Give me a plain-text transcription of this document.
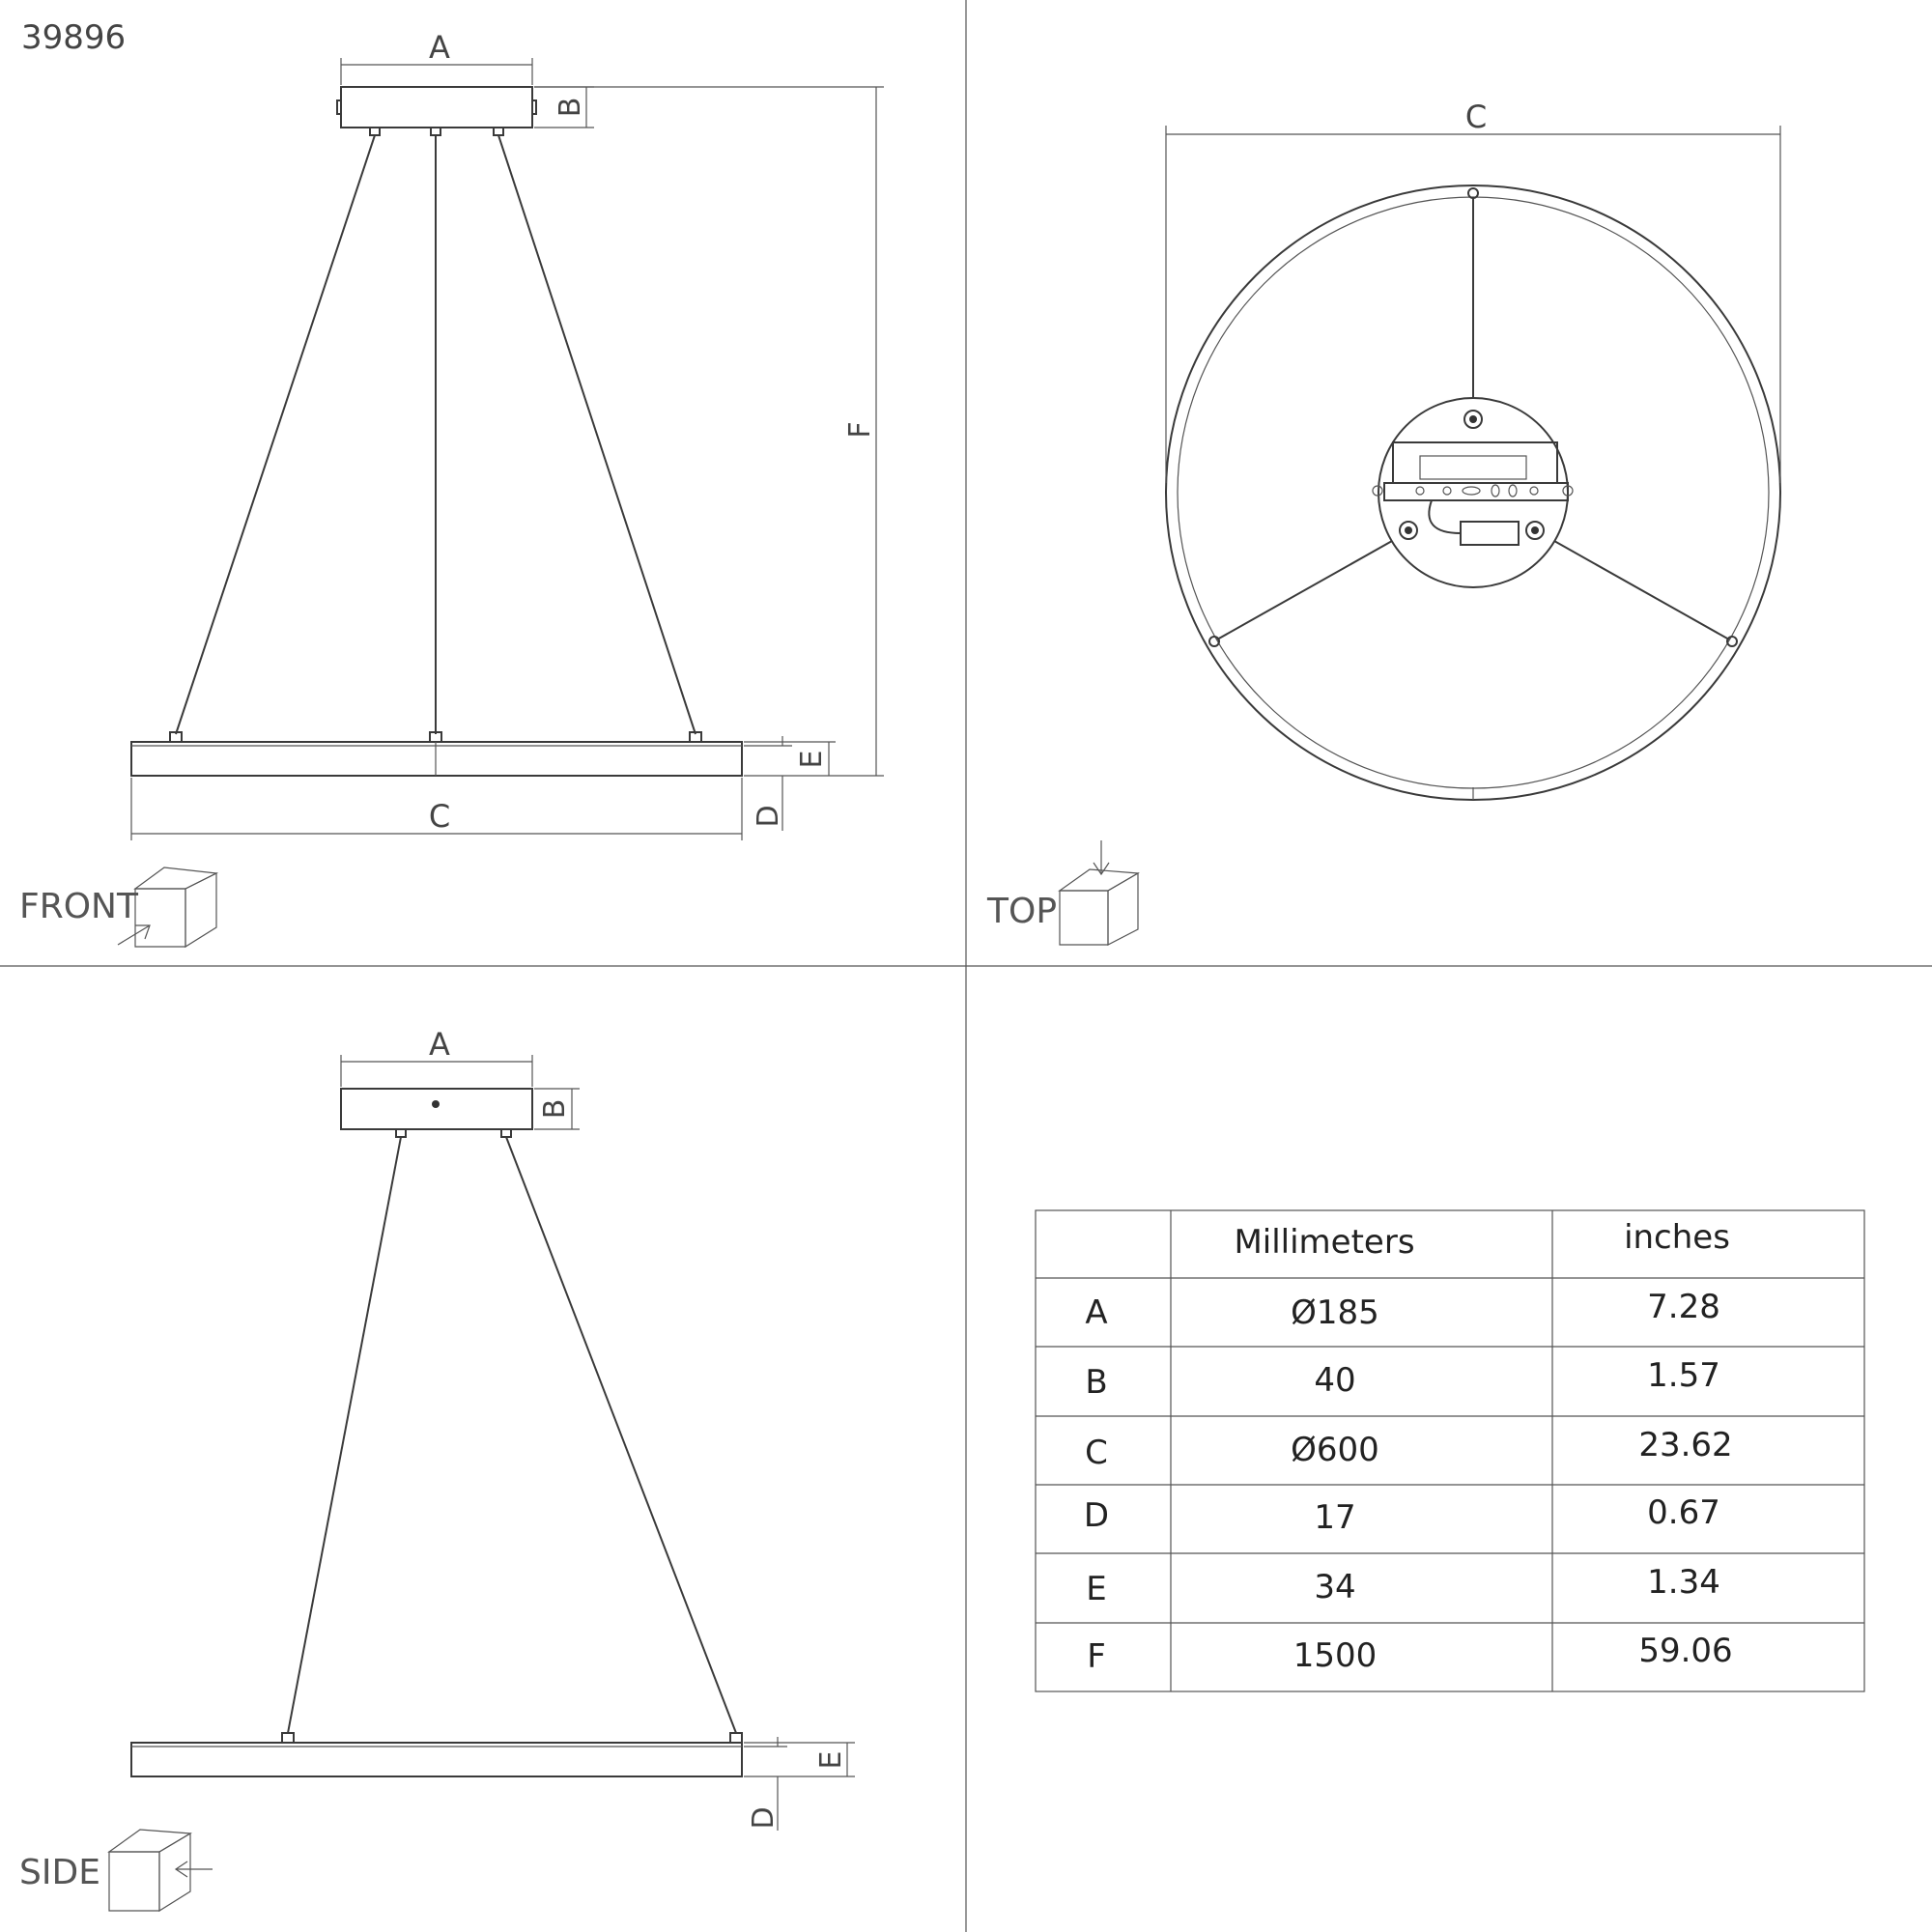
39896	A
B
F
E
D
C
FRONT
C
TOP
A
B
E
D
SIDE
Millimeters	inches
A	Ø185	7.28
B	40	1.57
C	Ø600	23.62
D	17	0.67
E	34	1.34
F	1500	59.06
